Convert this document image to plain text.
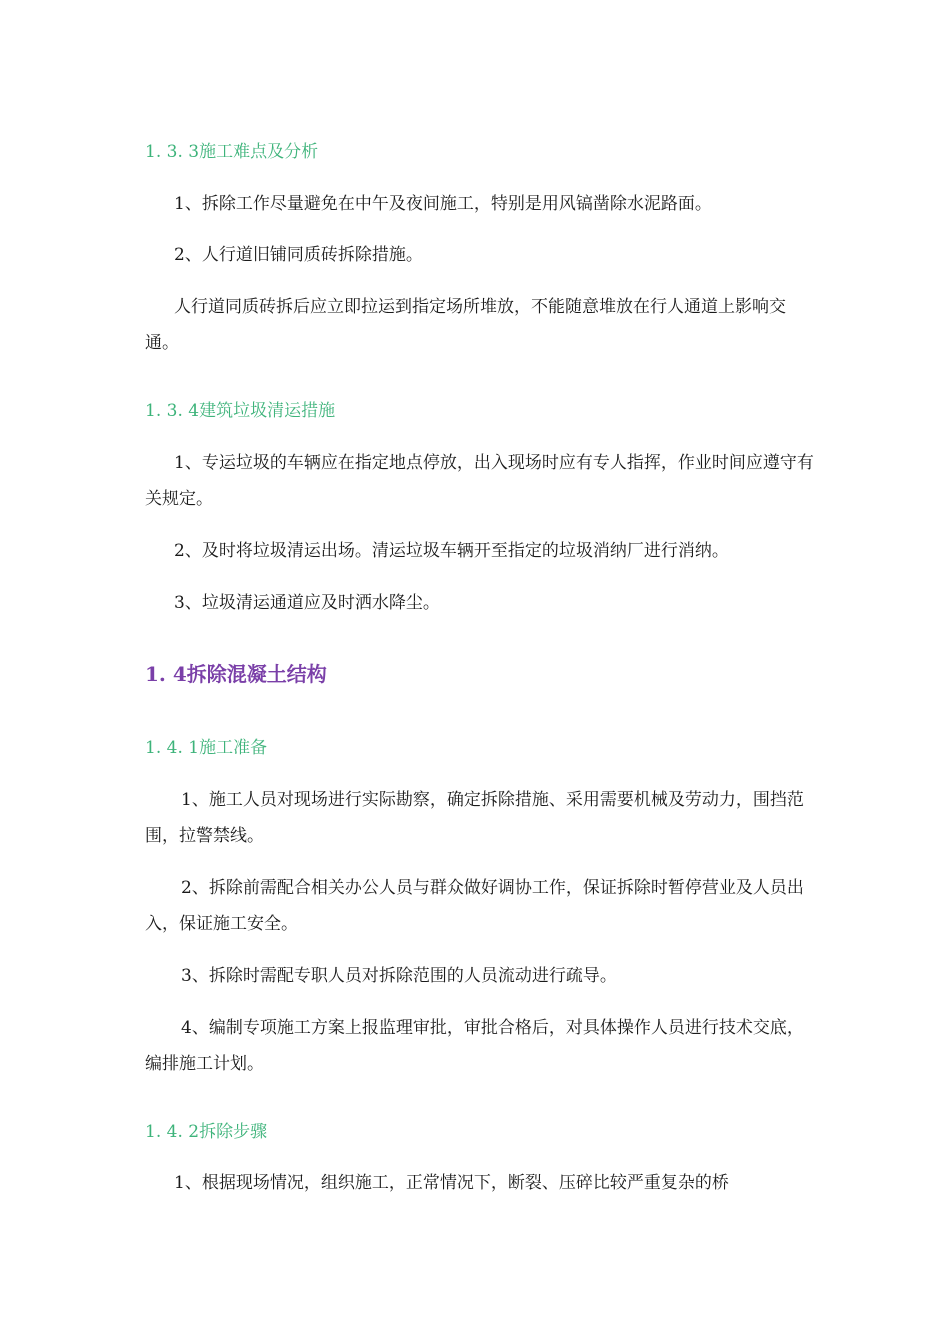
1. 3. 3施工难点及分析

1、拆除工作尽量避免在中午及夜间施工，特别是用风镐凿除水泥路面。

2、人行道旧铺同质砖拆除措施。

人行道同质砖拆后应立即拉运到指定场所堆放，不能随意堆放在行人通道上影响交通。

1. 3. 4建筑垃圾清运措施

1、专运垃圾的车辆应在指定地点停放，出入现场时应有专人指挥，作业时间应遵守有关规定。

2、及时将垃圾清运出场。清运垃圾车辆开至指定的垃圾消纳厂进行消纳。

3、垃圾清运通道应及时洒水降尘。

1. 4拆除混凝土结构

1. 4. 1施工准备

1、施工人员对现场进行实际勘察，确定拆除措施、采用需要机械及劳动力，围挡范围，拉警禁线。

2、拆除前需配合相关办公人员与群众做好调协工作，保证拆除时暂停营业及人员出入，保证施工安全。

3、拆除时需配专职人员对拆除范围的人员流动进行疏导。

4、编制专项施工方案上报监理审批，审批合格后，对具体操作人员进行技术交底，编排施工计划。

1. 4. 2拆除步骤

1、根据现场情况，组织施工，正常情况下，断裂、压碎比较严重复杂的桥
